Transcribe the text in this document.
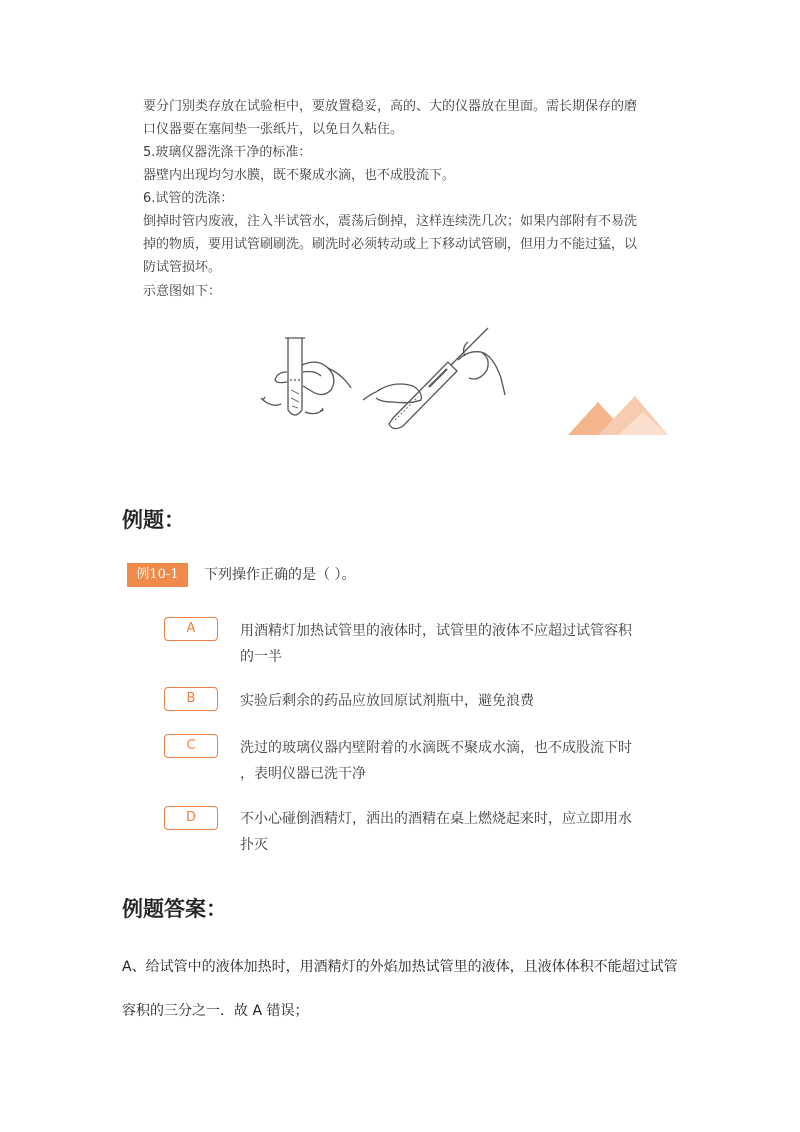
要分门别类存放在试验柜中，要放置稳妥，高的、大的仪器放在里面。需长期保存的磨
口仪器要在塞间垫一张纸片，以免日久粘住。
5.玻璃仪器洗涤干净的标准：
器壁内出现均匀水膜，既不聚成水滴，也不成股流下。
6.试管的洗涤：
倒掉时管内废液，注入半试管水，震荡后倒掉，这样连续洗几次；如果内部附有不易洗
掉的物质，要用试管刷刷洗。刷洗时必须转动或上下移动试管刷，但用力不能过猛，以
防试管损坏。
示意图如下：
例题：
例10-1	下列操作正确的是（ ）。
A	用酒精灯加热试管里的液体时，试管里的液体不应超过试管容积
的一半
B	实验后剩余的药品应放回原试剂瓶中，避免浪费
C	洗过的玻璃仪器内壁附着的水滴既不聚成水滴，也不成股流下时
，表明仪器已洗干净
D	不小心碰倒酒精灯，洒出的酒精在桌上燃烧起来时，应立即用水
扑灭
例题答案：
A、给试管中的液体加热时，用酒精灯的外焰加热试管里的液体，且液体体积不能超过试管
容积的三分之一．故 A 错误；
